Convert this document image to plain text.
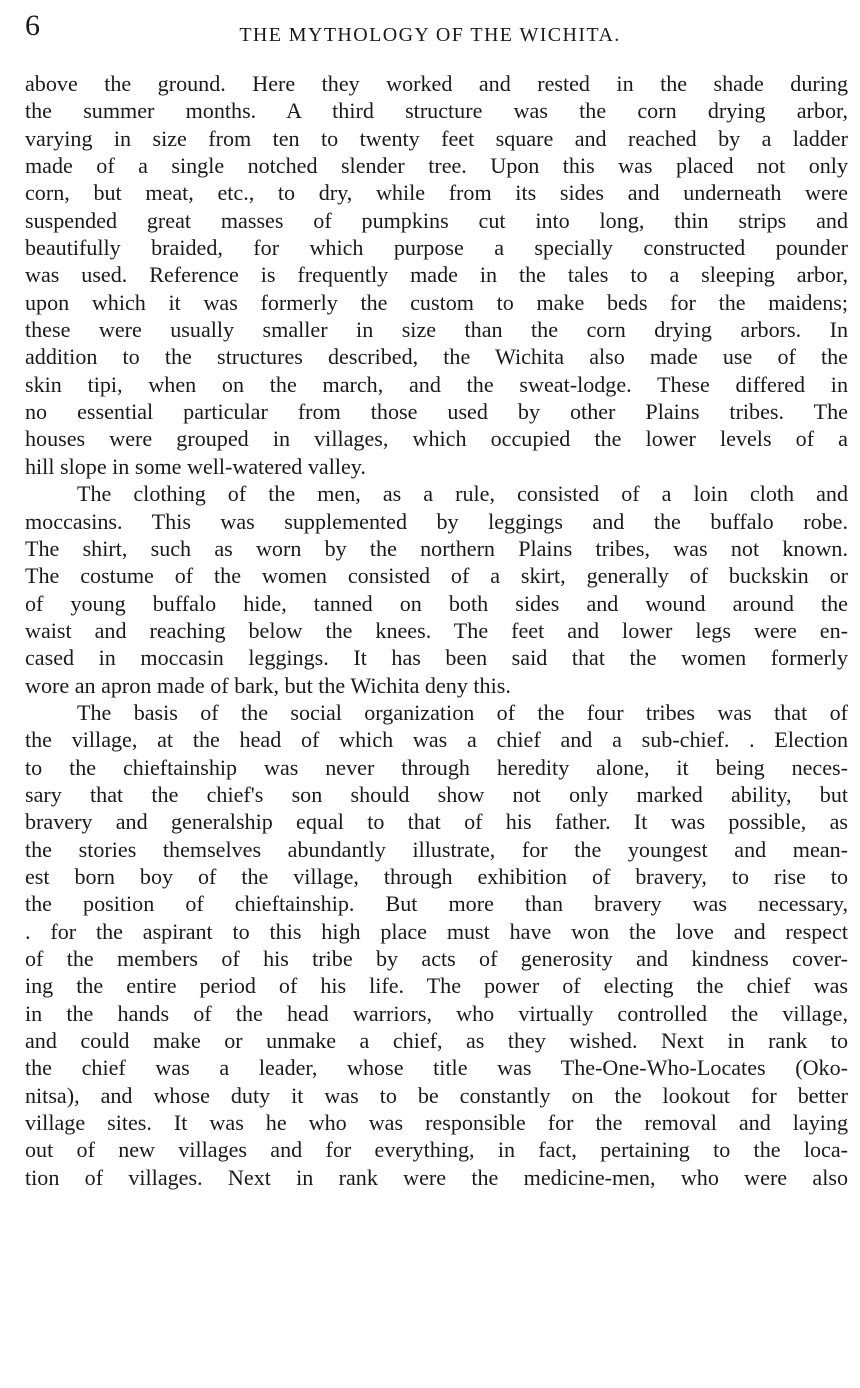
6	THE MYTHOLOGY OF THE WICHITA.
above the ground. Here they worked and rested in the shade during
the summer months. A third structure was the corn drying arbor,
varying in size from ten to twenty feet square and reached by a ladder
made of a single notched slender tree. Upon this was placed not only
corn, but meat, etc., to dry, while from its sides and underneath were
suspended great masses of pumpkins cut into long, thin strips and
beautifully braided, for which purpose a specially constructed pounder
was used. Reference is frequently made in the tales to a sleeping arbor,
upon which it was formerly the custom to make beds for the maidens;
these were usually smaller in size than the corn drying arbors. In
addition to the structures described, the Wichita also made use of the
skin tipi, when on the march, and the sweat-lodge. These differed in
no essential particular from those used by other Plains tribes. The
houses were grouped in villages, which occupied the lower levels of a
hill slope in some well-watered valley.
The clothing of the men, as a rule, consisted of a loin cloth and
moccasins. This was supplemented by leggings and the buffalo robe.
The shirt, such as worn by the northern Plains tribes, was not known.
The costume of the women consisted of a skirt, generally of buckskin or
of young buffalo hide, tanned on both sides and wound around the
waist and reaching below the knees. The feet and lower legs were en-
cased in moccasin leggings. It has been said that the women formerly
wore an apron made of bark, but the Wichita deny this.
The basis of the social organization of the four tribes was that of
the village, at the head of which was a chief and a sub-chief. . Election
to the chieftainship was never through heredity alone, it being neces-
sary that the chief's son should show not only marked ability, but
bravery and generalship equal to that of his father. It was possible, as
the stories themselves abundantly illustrate, for the youngest and mean-
est born boy of the village, through exhibition of bravery, to rise to
the position of chieftainship. But more than bravery was necessary,
. for the aspirant to this high place must have won the love and respect
of the members of his tribe by acts of generosity and kindness cover-
ing the entire period of his life. The power of electing the chief was
in the hands of the head warriors, who virtually controlled the village,
and could make or unmake a chief, as they wished. Next in rank to
the chief was a leader, whose title was The-One-Who-Locates (Oko-
nitsa), and whose duty it was to be constantly on the lookout for better
village sites. It was he who was responsible for the removal and laying
out of new villages and for everything, in fact, pertaining to the loca-
tion of villages. Next in rank were the medicine-men, who were also
